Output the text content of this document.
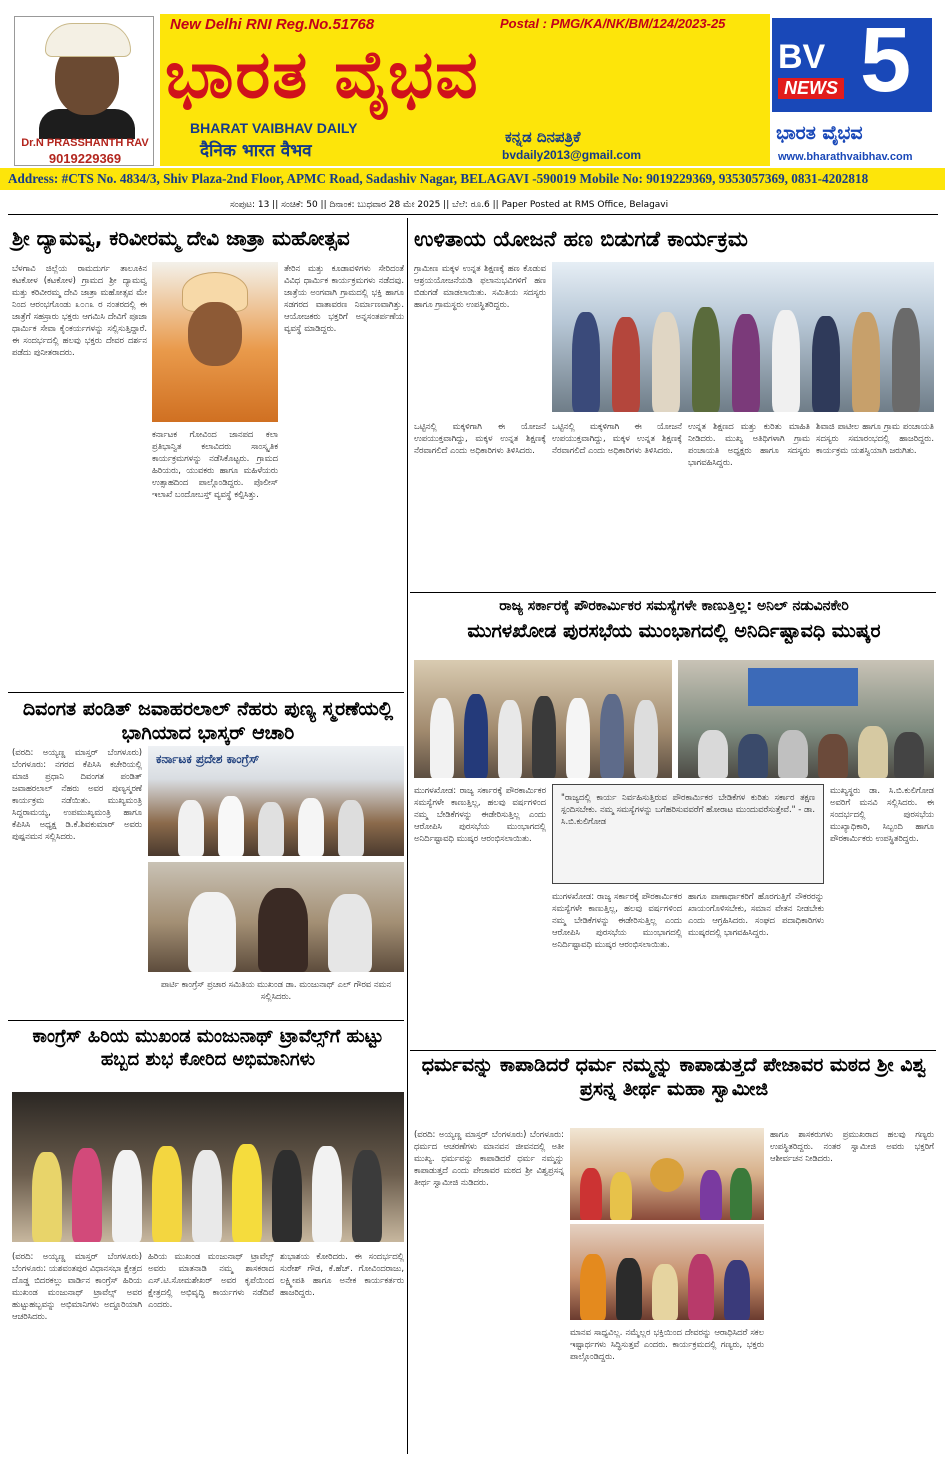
Dr.N PRASSHANTH RAV
9019229369
New Delhi RNI Reg.No.51768	Postal : PMG/KA/NK/BM/124/2023-25
ಭಾರತ ವೈಭವ
BHARAT VAIBHAV DAILY
दैनिक भारत वैभव
ಕನ್ನಡ ದಿನಪತ್ರಿಕೆ
bvdaily2013@gmail.com
BV 5
NEWS
ಭಾರತ ವೈಭವ
www.bharathvaibhav.com
Address: #CTS No. 4834/3, Shiv Plaza-2nd Floor, APMC Road, Sadashiv Nagar, BELAGAVI -590019 Mobile No: 9019229369, 9353057369, 0831-4202818
ಸಂಪುಟ: 13 || ಸಂಚಿಕೆ: 50 || ದಿನಾಂಕ: ಬುಧವಾರ 28 ಮೇ 2025 || ಬೆಲೆ: ರೂ.6 || Paper Posted at RMS Office, Belagavi
ಶ್ರೀ ದ್ಯಾಮವ್ವ, ಕರಿವೀರಮ್ಮ ದೇವಿ ಜಾತ್ರಾ ಮಹೋತ್ಸವ
ಬೆಳಗಾವಿ ಜಿಲ್ಲೆಯ ರಾಮದುರ್ಗ ತಾಲೂಕಿನ ಕಟಕೋಳ (ಕಟಕೋಳ) ಗ್ರಾಮದ ಶ್ರೀ ದ್ಯಾಮವ್ವ ಮತ್ತು ಕರಿವೀರಮ್ಮ ದೇವಿ ಜಾತ್ರಾ ಮಹೋತ್ಸವ ಮೇ ನಿಂದ ಆರಂಭಗೊಂಡು ೩೦೧೩ ರ ನಂತರದಲ್ಲಿ ಈ ಜಾತ್ರೆಗೆ ಸಹಸ್ರಾರು ಭಕ್ತರು ಆಗಮಿಸಿ ದೇವಿಗೆ ಪೂಜಾ ಧಾರ್ಮಿಕ ಸೇವಾ ಕೈಂಕರ್ಯಗಳನ್ನು ಸಲ್ಲಿಸುತ್ತಿದ್ದಾರೆ. ಈ ಸಂದರ್ಭದಲ್ಲಿ ಹಲವು ಭಕ್ತರು ದೇವರ ದರ್ಶನ ಪಡೆದು ಪುನೀತರಾದರು.
ತೇರಿನ ಮತ್ತು ಕೂಡಾವಳಿಗಳು ಸೇರಿದಂತೆ ವಿವಿಧ ಧಾರ್ಮಿಕ ಕಾರ್ಯಕ್ರಮಗಳು ನಡೆದವು. ಜಾತ್ರೆಯ ಅಂಗವಾಗಿ ಗ್ರಾಮದಲ್ಲಿ ಭಕ್ತಿ ಹಾಗೂ ಸಡಗರದ ವಾತಾವರಣ ನಿರ್ಮಾಣವಾಗಿತ್ತು. ಆಯೋಜಕರು ಭಕ್ತರಿಗೆ ಅನ್ನಸಂತರ್ಪಣೆಯ ವ್ಯವಸ್ಥೆ ಮಾಡಿದ್ದರು.
ಕರ್ನಾಟಕ ಗೋವಿಂದ ಜಾನಪದ ಕಲಾ ಪ್ರತಿಭಾನ್ವಿತ ಕಲಾವಿದರು ಸಾಂಸ್ಕೃತಿಕ ಕಾರ್ಯಕ್ರಮಗಳನ್ನು ನಡೆಸಿಕೊಟ್ಟರು. ಗ್ರಾಮದ ಹಿರಿಯರು, ಯುವಕರು ಹಾಗೂ ಮಹಿಳೆಯರು ಉತ್ಸಾಹದಿಂದ ಪಾಲ್ಗೊಂಡಿದ್ದರು. ಪೊಲೀಸ್ ಇಲಾಖೆ ಬಂದೋಬಸ್ತ್ ವ್ಯವಸ್ಥೆ ಕಲ್ಪಿಸಿತ್ತು.
ಉಳಿತಾಯ ಯೋಜನೆ ಹಣ ಬಿಡುಗಡೆ ಕಾರ್ಯಕ್ರಮ
ಗ್ರಾಮೀಣ ಮಕ್ಕಳ ಉನ್ನತ ಶಿಕ್ಷಣಕ್ಕೆ ಹಣ ಕೊಡುವ ಆಶ್ರಯಯೋಜನೆಯಡಿ ಫಲಾನುಭವಿಗಳಿಗೆ ಹಣ ಬಿಡುಗಡೆ ಮಾಡಲಾಯಿತು. ಸಮಿತಿಯ ಸದಸ್ಯರು ಹಾಗೂ ಗ್ರಾಮಸ್ಥರು ಉಪಸ್ಥಿತರಿದ್ದರು.
ಒಟ್ಟಿನಲ್ಲಿ ಮಕ್ಕಳಿಗಾಗಿ ಈ ಯೋಜನೆ ಉಪಯುಕ್ತವಾಗಿದ್ದು, ಮಕ್ಕಳ ಉನ್ನತ ಶಿಕ್ಷಣಕ್ಕೆ ನೆರವಾಗಲಿದೆ ಎಂದು ಅಧಿಕಾರಿಗಳು ತಿಳಿಸಿದರು.
ಒಟ್ಟಿನಲ್ಲಿ ಮಕ್ಕಳಿಗಾಗಿ ಈ ಯೋಜನೆ ಉಪಯುಕ್ತವಾಗಿದ್ದು, ಮಕ್ಕಳ ಉನ್ನತ ಶಿಕ್ಷಣಕ್ಕೆ ನೆರವಾಗಲಿದೆ ಎಂದು ಅಧಿಕಾರಿಗಳು ತಿಳಿಸಿದರು.
ಉನ್ನತ ಶಿಕ್ಷಣದ ಮತ್ತು ಕುರಿತು ಮಾಹಿತಿ ನೀಡಿದರು. ಮುಖ್ಯ ಅತಿಥಿಗಳಾಗಿ ಗ್ರಾಮ ಪಂಚಾಯತಿ ಅಧ್ಯಕ್ಷರು ಹಾಗೂ ಸದಸ್ಯರು ಭಾಗವಹಿಸಿದ್ದರು.
ಶಿವಾಜಿ ಪಾಟೀಲ ಹಾಗೂ ಗ್ರಾಮ ಪಂಚಾಯತಿ ಸದಸ್ಯರು ಸಮಾರಂಭದಲ್ಲಿ ಹಾಜರಿದ್ದರು. ಕಾರ್ಯಕ್ರಮ ಯಶಸ್ವಿಯಾಗಿ ಜರುಗಿತು.
ರಾಜ್ಯ ಸರ್ಕಾರಕ್ಕೆ ಪೌರಕಾರ್ಮಿಕರ ಸಮಸ್ಯೆಗಳೇ ಕಾಣುತ್ತಿಲ್ಲ: ಅನಿಲ್ ನಡುವಿನಕೇರಿ
ಮುಗಳಖೋಡ ಪುರಸಭೆಯ ಮುಂಭಾಗದಲ್ಲಿ ಅನಿರ್ದಿಷ್ಟಾವಧಿ ಮುಷ್ಕರ
ಮುಗಳಖೋಡ: ರಾಜ್ಯ ಸರ್ಕಾರಕ್ಕೆ ಪೌರಕಾರ್ಮಿಕರ ಸಮಸ್ಯೆಗಳೇ ಕಾಣುತ್ತಿಲ್ಲ, ಹಲವು ವರ್ಷಗಳಿಂದ ನಮ್ಮ ಬೇಡಿಕೆಗಳನ್ನು ಈಡೇರಿಸುತ್ತಿಲ್ಲ ಎಂದು ಆರೋಪಿಸಿ ಪುರಸಭೆಯ ಮುಂಭಾಗದಲ್ಲಿ ಅನಿರ್ದಿಷ್ಟಾವಧಿ ಮುಷ್ಕರ ಆರಂಭಿಸಲಾಯಿತು.
"ರಾಜ್ಯದಲ್ಲಿ ಕಾರ್ಯ ನಿರ್ವಹಿಸುತ್ತಿರುವ ಪೌರಕಾರ್ಮಿಕರ ಬೇಡಿಕೆಗಳ ಕುರಿತು ಸರ್ಕಾರ ತಕ್ಷಣ ಸ್ಪಂದಿಸಬೇಕು. ನಮ್ಮ ಸಮಸ್ಯೆಗಳನ್ನು ಬಗೆಹರಿಸುವವರೆಗೆ ಹೋರಾಟ ಮುಂದುವರೆಸುತ್ತೇವೆ." - ಡಾ. ಸಿ.ಬಿ.ಕುಲಿಗೋಡ
ಮುಗಳಖೋಡ: ರಾಜ್ಯ ಸರ್ಕಾರಕ್ಕೆ ಪೌರಕಾರ್ಮಿಕರ ಸಮಸ್ಯೆಗಳೇ ಕಾಣುತ್ತಿಲ್ಲ, ಹಲವು ವರ್ಷಗಳಿಂದ ನಮ್ಮ ಬೇಡಿಕೆಗಳನ್ನು ಈಡೇರಿಸುತ್ತಿಲ್ಲ ಎಂದು ಆರೋಪಿಸಿ ಪುರಸಭೆಯ ಮುಂಭಾಗದಲ್ಲಿ ಅನಿರ್ದಿಷ್ಟಾವಧಿ ಮುಷ್ಕರ ಆರಂಭಿಸಲಾಯಿತು.
ಹಾಗೂ ಪಾಣಾರ್ಥಾಕರಿಗೆ ಹೊರಗುತ್ತಿಗೆ ನೌಕರರನ್ನು ಖಾಯಂಗೊಳಿಸಬೇಕು, ಸಮಾನ ವೇತನ ನೀಡಬೇಕು ಎಂದು ಆಗ್ರಹಿಸಿದರು. ಸಂಘದ ಪದಾಧಿಕಾರಿಗಳು ಮುಷ್ಕರದಲ್ಲಿ ಭಾಗವಹಿಸಿದ್ದರು.
ಮುಖ್ಯಸ್ಥರು ಡಾ. ಸಿ.ಬಿ.ಕುಲಿಗೋಡ ಅವರಿಗೆ ಮನವಿ ಸಲ್ಲಿಸಿದರು. ಈ ಸಂದರ್ಭದಲ್ಲಿ ಪುರಸಭೆಯ ಮುಖ್ಯಾಧಿಕಾರಿ, ಸಿಬ್ಬಂದಿ ಹಾಗೂ ಪೌರಕಾರ್ಮಿಕರು ಉಪಸ್ಥಿತರಿದ್ದರು.
ದಿವಂಗತ ಪಂಡಿತ್ ಜವಾಹರಲಾಲ್ ನೆಹರು ಪುಣ್ಯ ಸ್ಮರಣೆಯಲ್ಲಿ ಭಾಗಿಯಾದ ಭಾಸ್ಕರ್ ಆಚಾರಿ
(ವರದಿ: ಅಯ್ಯಣ್ಣ ಮಾಸ್ತರ್ ಬೆಂಗಳೂರು) ಬೆಂಗಳೂರು: ನಗರದ ಕೆಪಿಸಿಸಿ ಕಚೇರಿಯಲ್ಲಿ ಮಾಜಿ ಪ್ರಧಾನಿ ದಿವಂಗತ ಪಂಡಿತ್ ಜವಾಹರಲಾಲ್ ನೆಹರು ಅವರ ಪುಣ್ಯಸ್ಮರಣೆ ಕಾರ್ಯಕ್ರಮ ನಡೆಯಿತು. ಮುಖ್ಯಮಂತ್ರಿ ಸಿದ್ದರಾಮಯ್ಯ, ಉಪಮುಖ್ಯಮಂತ್ರಿ ಹಾಗೂ ಕೆಪಿಸಿಸಿ ಅಧ್ಯಕ್ಷ ಡಿ.ಕೆ.ಶಿವಕುಮಾರ್ ಅವರು ಪುಷ್ಪನಮನ ಸಲ್ಲಿಸಿದರು.
ಕರ್ನಾಟಕ ಪ್ರದೇಶ ಕಾಂಗ್ರೆಸ್
ಪಾರ್ಟಿ ಕಾಂಗ್ರೆಸ್ ಪ್ರಚಾರ ಸಮಿತಿಯ ಮುಖಂಡ ಡಾ. ಮಂಜುನಾಥ್ ಎಲ್ ಗೌರವ ನಮನ ಸಲ್ಲಿಸಿದರು.
ಕಾಂಗ್ರೆಸ್ ಹಿರಿಯ ಮುಖಂಡ ಮಂಜುನಾಥ್ ಟ್ರಾವೆಲ್ಸ್‌ಗೆ ಹುಟ್ಟು ಹಬ್ಬದ ಶುಭ ಕೋರಿದ ಅಭಿಮಾನಿಗಳು
(ವರದಿ: ಅಯ್ಯಣ್ಣ ಮಾಸ್ತರ್ ಬೆಂಗಳೂರು) ಬೆಂಗಳೂರು: ಯಶವಂತಪುರ ವಿಧಾನಸಭಾ ಕ್ಷೇತ್ರದ ದೊಡ್ಡ ಬಿದರಕಲ್ಲು ವಾರ್ಡಿನ ಕಾಂಗ್ರೆಸ್ ಹಿರಿಯ ಮುಖಂಡ ಮಂಜುನಾಥ್ ಟ್ರಾವೆಲ್ಸ್ ಅವರ ಹುಟ್ಟುಹಬ್ಬವನ್ನು ಅಭಿಮಾನಿಗಳು ಅದ್ದೂರಿಯಾಗಿ ಆಚರಿಸಿದರು.
ಹಿರಿಯ ಮುಖಂಡ ಮಂಜುನಾಥ್ ಟ್ರಾವೆಲ್ಸ್ ಅವರು ಮಾತನಾಡಿ ನಮ್ಮ ಶಾಸಕರಾದ ಎಸ್.ಟಿ.ಸೋಮಶೇಖರ್ ಅವರ ಕೃಪೆಯಿಂದ ಕ್ಷೇತ್ರದಲ್ಲಿ ಅಭಿವೃದ್ಧಿ ಕಾರ್ಯಗಳು ನಡೆದಿವೆ ಎಂದರು.
ಶುಭಾಶಯ ಕೋರಿದರು. ಈ ಸಂದರ್ಭದಲ್ಲಿ ಸುರೇಶ್ ಗೌಡ, ಕೆ.ಹೆಚ್. ಗೋವಿಂದರಾಜು, ಲಕ್ಷ್ಮೀಪತಿ ಹಾಗೂ ಅನೇಕ ಕಾರ್ಯಕರ್ತರು ಹಾಜರಿದ್ದರು.
ಧರ್ಮವನ್ನು ಕಾಪಾಡಿದರೆ ಧರ್ಮ ನಮ್ಮನ್ನು ಕಾಪಾಡುತ್ತದೆ ಪೇಜಾವರ ಮಠದ ಶ್ರೀ ವಿಶ್ವ ಪ್ರಸನ್ನ ತೀರ್ಥ ಮಹಾ ಸ್ವಾಮೀಜಿ
(ವರದಿ: ಅಯ್ಯಣ್ಣ ಮಾಸ್ತರ್ ಬೆಂಗಳೂರು) ಬೆಂಗಳೂರು: ಧರ್ಮದ ಆಚರಣೆಗಳು ಮಾನವನ ಜೀವನದಲ್ಲಿ ಅತೀ ಮುಖ್ಯ. ಧರ್ಮವನ್ನು ಕಾಪಾಡಿದರೆ ಧರ್ಮ ನಮ್ಮನ್ನು ಕಾಪಾಡುತ್ತದೆ ಎಂದು ಪೇಜಾವರ ಮಠದ ಶ್ರೀ ವಿಶ್ವಪ್ರಸನ್ನ ತೀರ್ಥ ಸ್ವಾಮೀಜಿ ನುಡಿದರು.
ಮಾನವ ಸಾಧ್ಯವಿಲ್ಲ. ನಮ್ಮೆಲ್ಲರ ಭಕ್ತಿಯಿಂದ ದೇವರನ್ನು ಆರಾಧಿಸಿದರೆ ಸಕಲ ಇಷ್ಟಾರ್ಥಗಳು ಸಿದ್ಧಿಸುತ್ತವೆ ಎಂದರು. ಕಾರ್ಯಕ್ರಮದಲ್ಲಿ ಗಣ್ಯರು, ಭಕ್ತರು ಪಾಲ್ಗೊಂಡಿದ್ದರು.
ಹಾಗೂ ಶಾಸಕರುಗಳು ಪ್ರಮುಖರಾದ ಹಲವು ಗಣ್ಯರು ಉಪಸ್ಥಿತರಿದ್ದರು. ನಂತರ ಸ್ವಾಮೀಜಿ ಅವರು ಭಕ್ತರಿಗೆ ಆಶೀರ್ವಚನ ನೀಡಿದರು.
